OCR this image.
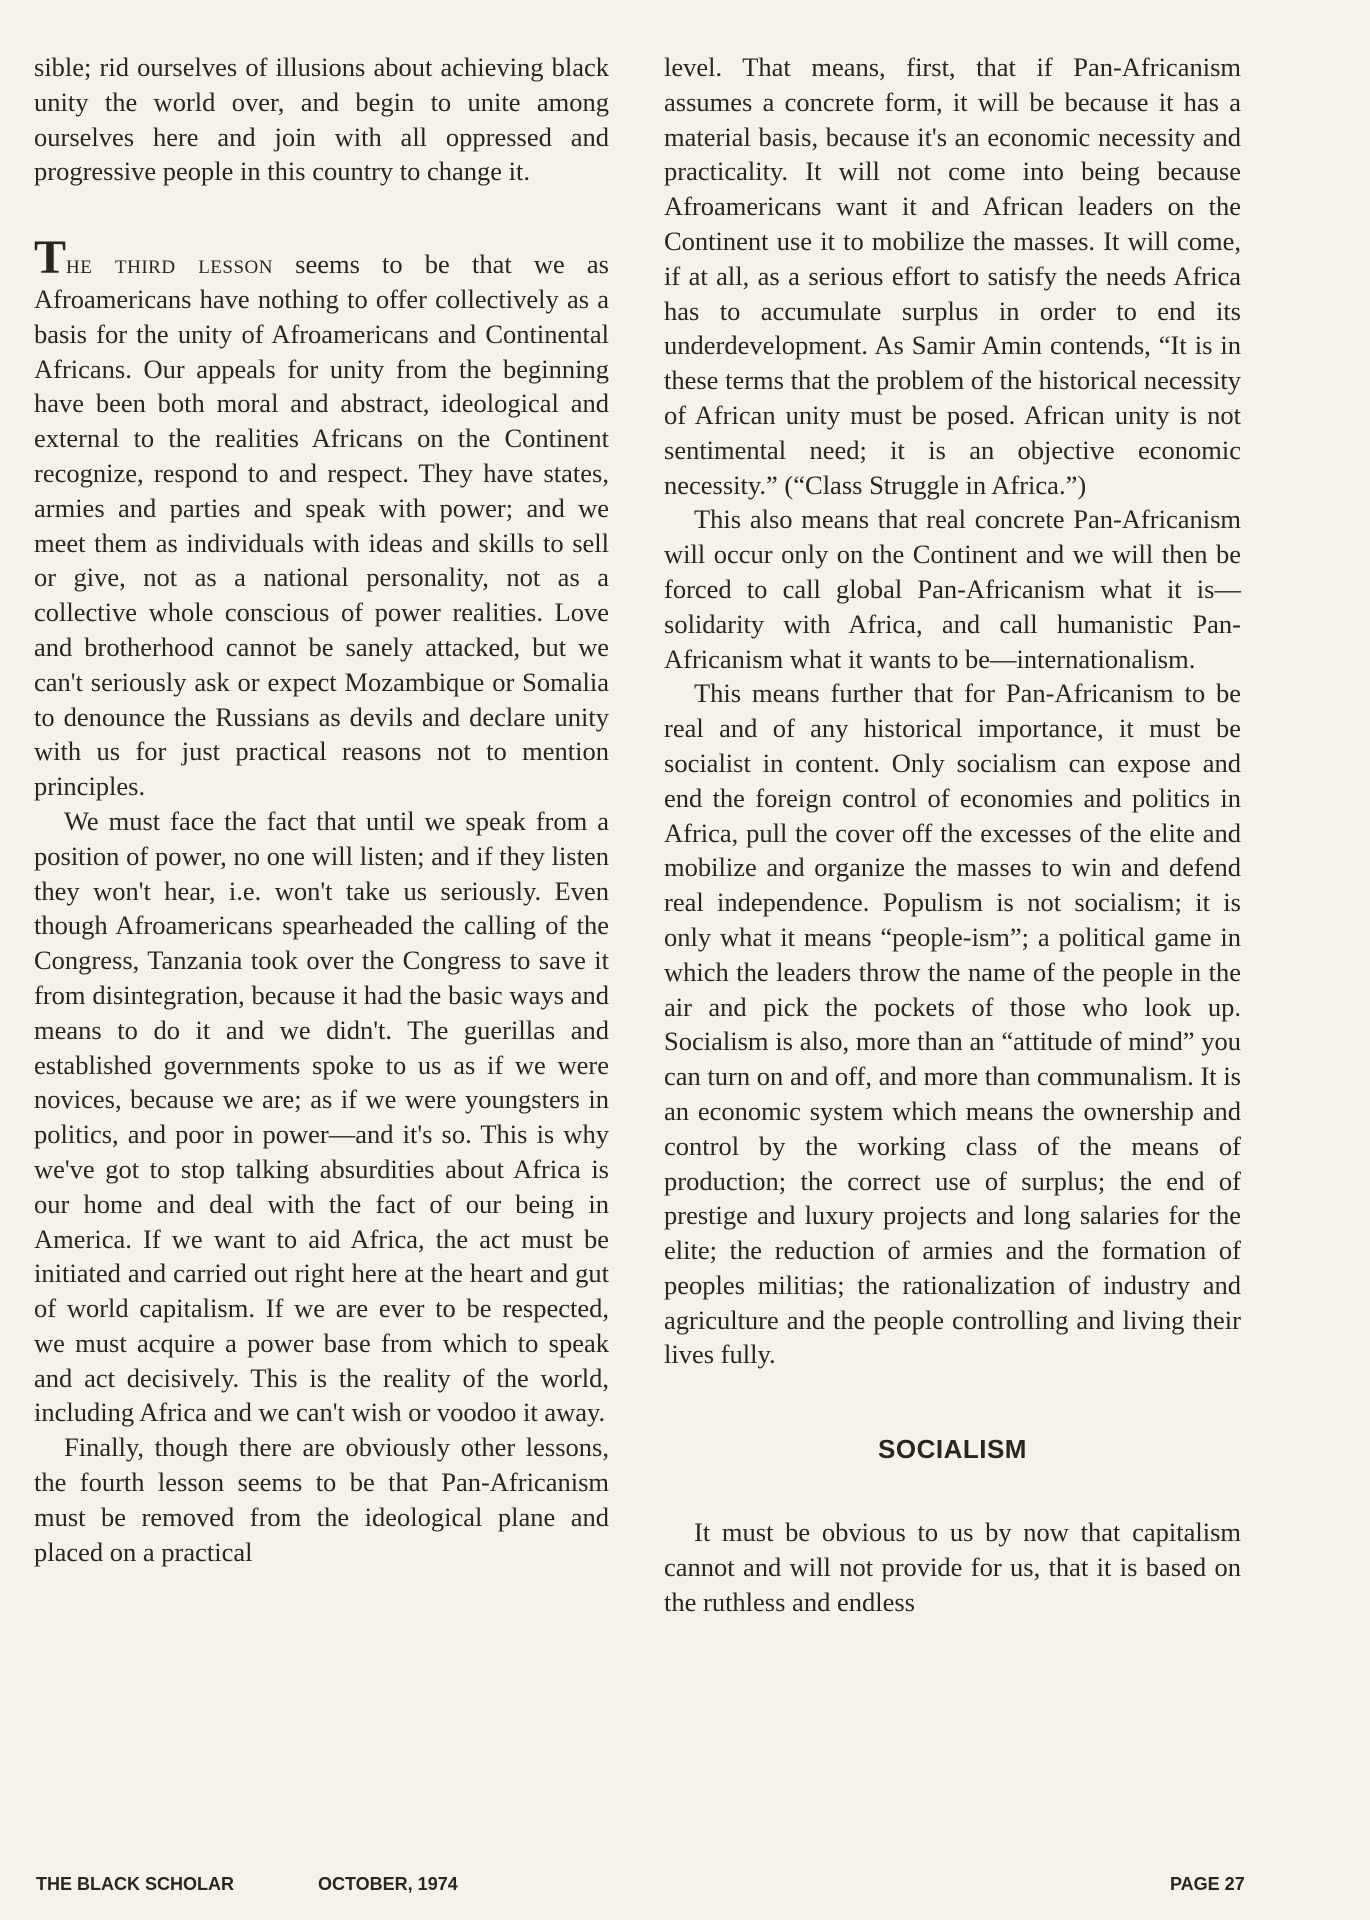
sible; rid ourselves of illusions about achieving black unity the world over, and begin to unite among ourselves here and join with all oppressed and progressive people in this country to change it.

The third lesson seems to be that we as Afroamericans have nothing to offer collectively as a basis for the unity of Afroamericans and Continental Africans. Our appeals for unity from the beginning have been both moral and abstract, ideological and external to the realities Africans on the Continent recognize, respond to and respect. They have states, armies and parties and speak with power; and we meet them as individuals with ideas and skills to sell or give, not as a national personality, not as a collective whole conscious of power realities. Love and brotherhood cannot be sanely attacked, but we can't seriously ask or expect Mozambique or Somalia to denounce the Russians as devils and declare unity with us for just practical reasons not to mention principles.

We must face the fact that until we speak from a position of power, no one will listen; and if they listen they won't hear, i.e. won't take us seriously. Even though Afroamericans spearheaded the calling of the Congress, Tanzania took over the Congress to save it from disintegration, because it had the basic ways and means to do it and we didn't. The guerillas and established governments spoke to us as if we were novices, because we are; as if we were youngsters in politics, and poor in power—and it's so. This is why we've got to stop talking absurdities about Africa is our home and deal with the fact of our being in America. If we want to aid Africa, the act must be initiated and carried out right here at the heart and gut of world capitalism. If we are ever to be respected, we must acquire a power base from which to speak and act decisively. This is the reality of the world, including Africa and we can't wish or voodoo it away.

Finally, though there are obviously other lessons, the fourth lesson seems to be that Pan-Africanism must be removed from the ideological plane and placed on a practical

level. That means, first, that if Pan-Africanism assumes a concrete form, it will be because it has a material basis, because it's an economic necessity and practicality. It will not come into being because Afroamericans want it and African leaders on the Continent use it to mobilize the masses. It will come, if at all, as a serious effort to satisfy the needs Africa has to accumulate surplus in order to end its underdevelopment. As Samir Amin contends, “It is in these terms that the problem of the historical necessity of African unity must be posed. African unity is not sentimental need; it is an objective economic necessity.” (“Class Struggle in Africa.”)

This also means that real concrete Pan-Africanism will occur only on the Continent and we will then be forced to call global Pan-Africanism what it is—solidarity with Africa, and call humanistic Pan-Africanism what it wants to be—internationalism.

This means further that for Pan-Africanism to be real and of any historical importance, it must be socialist in content. Only socialism can expose and end the foreign control of economies and politics in Africa, pull the cover off the excesses of the elite and mobilize and organize the masses to win and defend real independence. Populism is not socialism; it is only what it means “people-ism”; a political game in which the leaders throw the name of the people in the air and pick the pockets of those who look up. Socialism is also, more than an “attitude of mind” you can turn on and off, and more than communalism. It is an economic system which means the ownership and control by the working class of the means of production; the correct use of surplus; the end of prestige and luxury projects and long salaries for the elite; the reduction of armies and the formation of peoples militias; the rationalization of industry and agriculture and the people controlling and living their lives fully.

SOCIALISM

It must be obvious to us by now that capitalism cannot and will not provide for us, that it is based on the ruthless and endless

THE BLACK SCHOLAR	OCTOBER, 1974	PAGE 27
